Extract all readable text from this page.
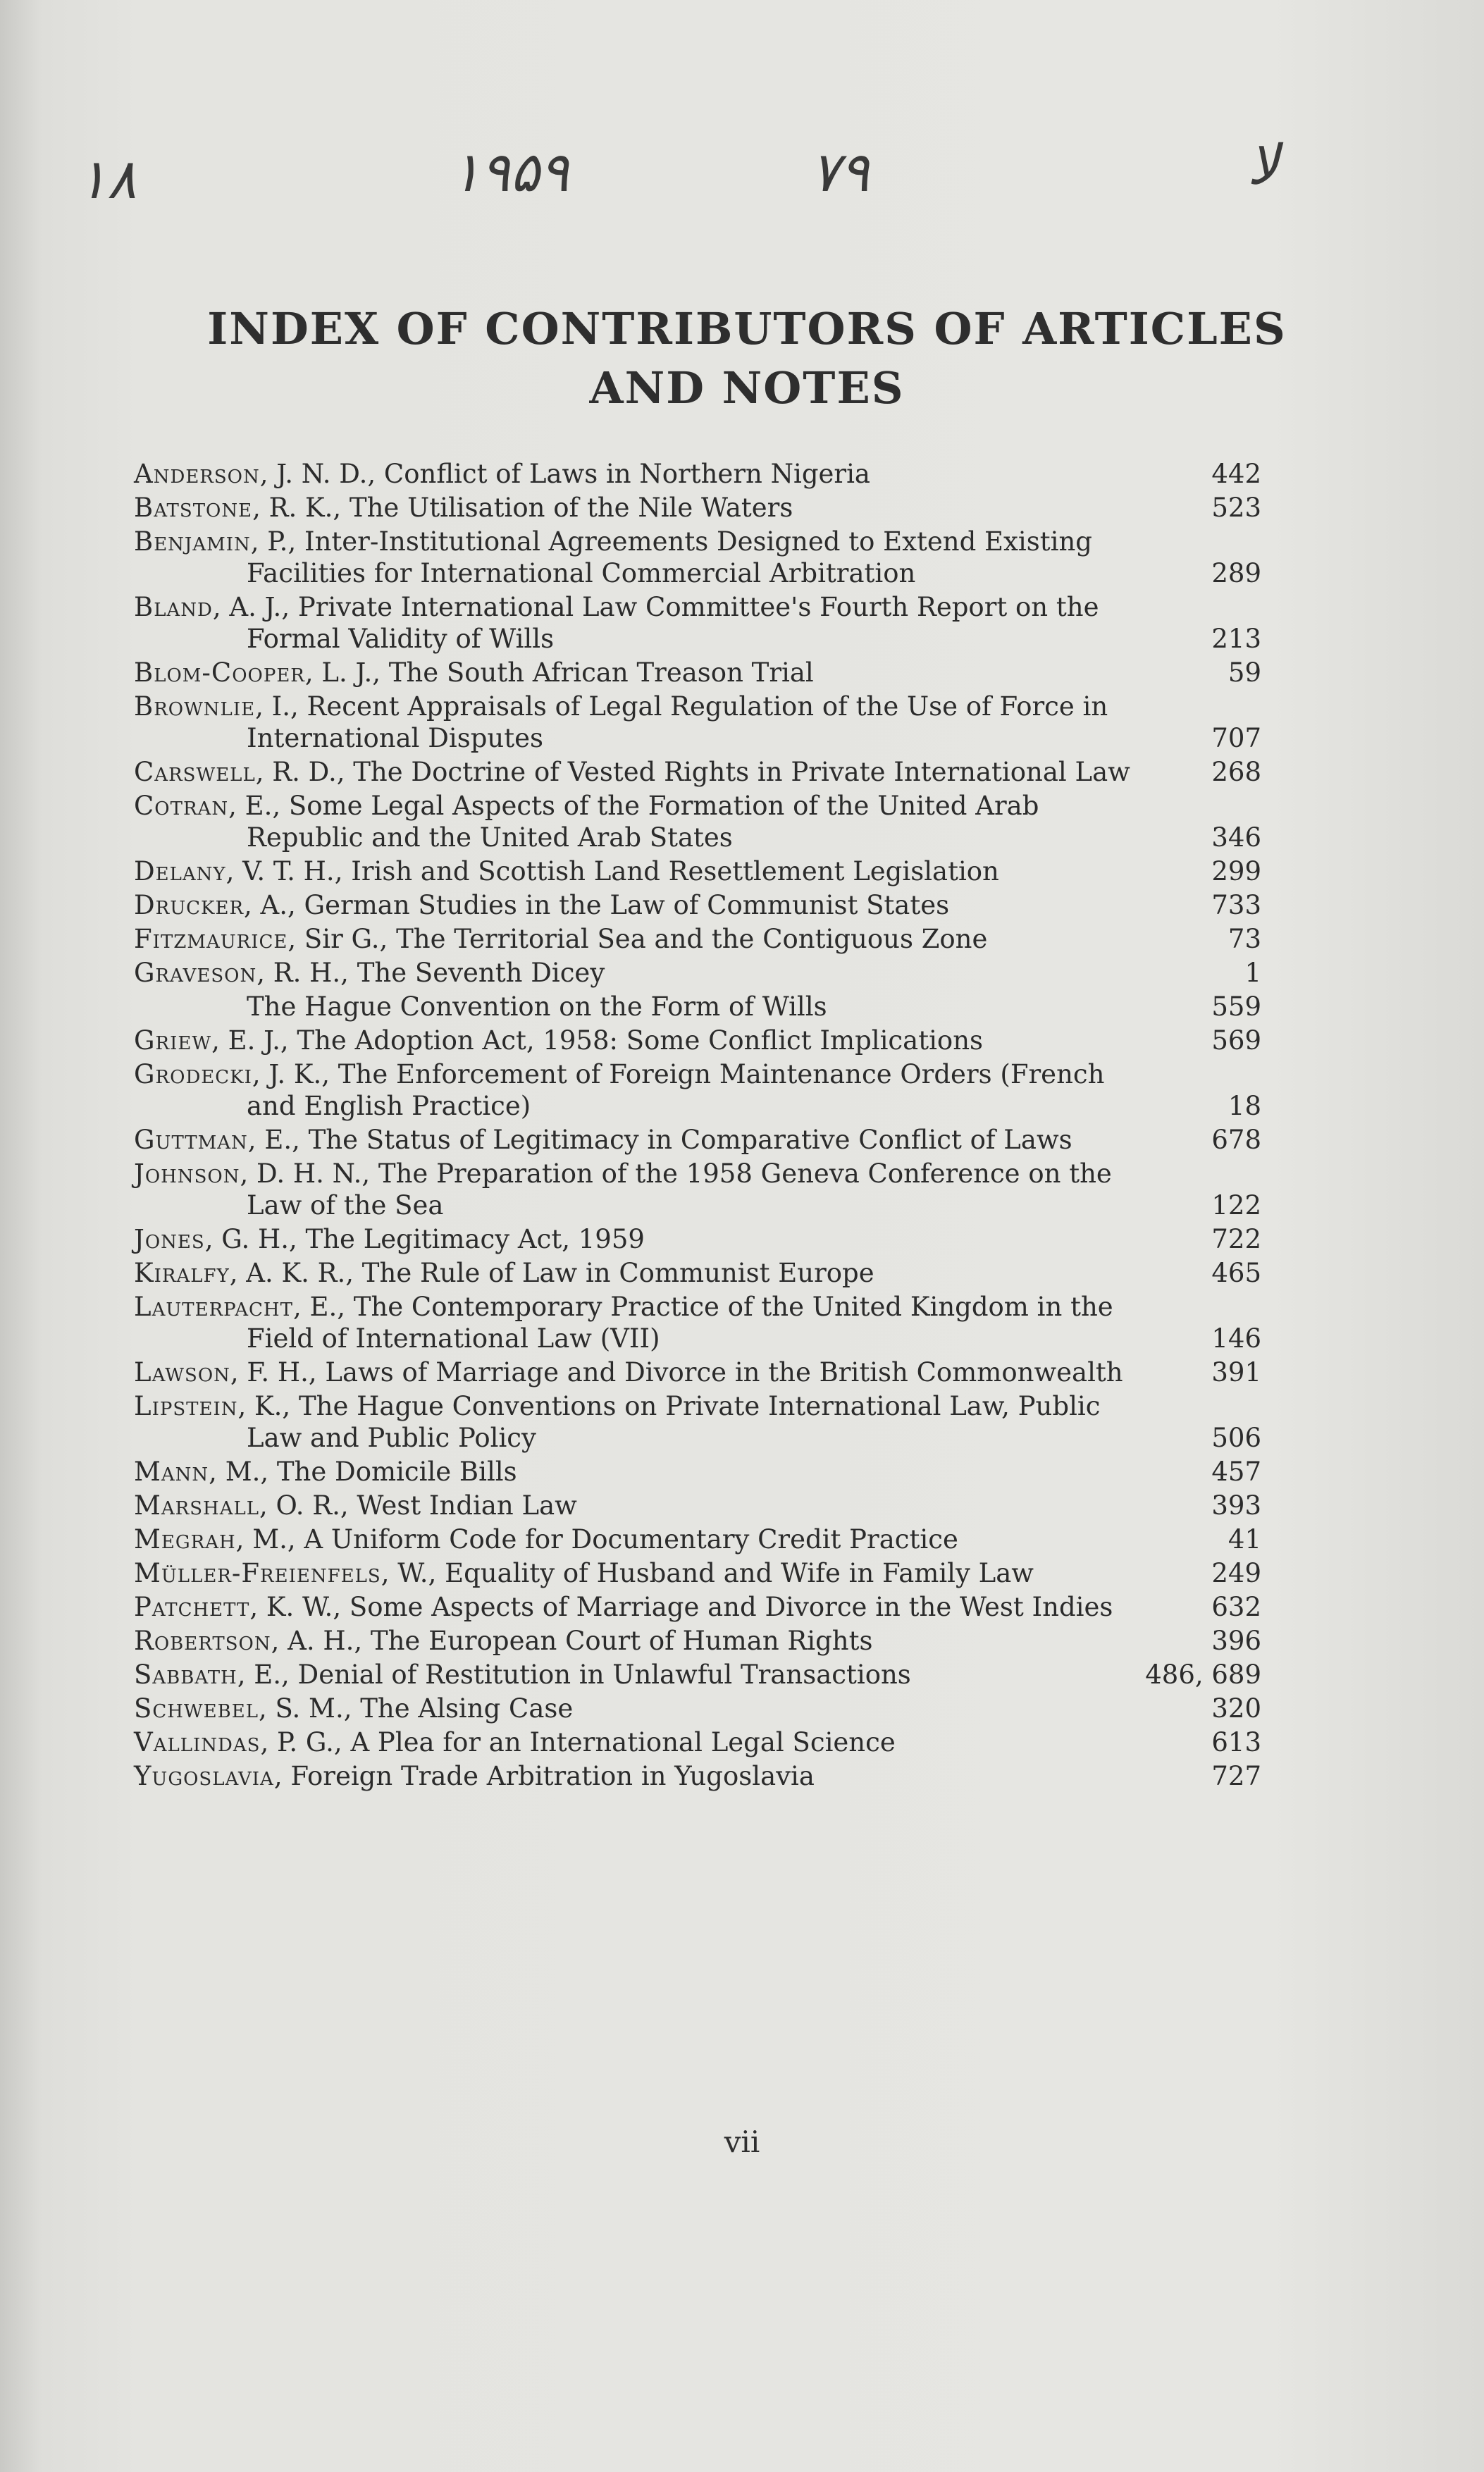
۱۸	۱۹۵۹	۷۹	لا
INDEX OF CONTRIBUTORS OF ARTICLES
AND NOTES
Anderson, J. N. D., Conflict of Laws in Northern Nigeria	442
Batstone, R. K., The Utilisation of the Nile Waters	523
Benjamin, P., Inter-Institutional Agreements Designed to Extend Existing Facilities for International Commercial Arbitration	289
Bland, A. J., Private International Law Committee's Fourth Report on the Formal Validity of Wills	213
Blom-Cooper, L. J., The South African Treason Trial	59
Brownlie, I., Recent Appraisals of Legal Regulation of the Use of Force in International Disputes	707
Carswell, R. D., The Doctrine of Vested Rights in Private International Law	268
Cotran, E., Some Legal Aspects of the Formation of the United Arab Republic and the United Arab States	346
Delany, V. T. H., Irish and Scottish Land Resettlement Legislation	299
Drucker, A., German Studies in the Law of Communist States	733
Fitzmaurice, Sir G., The Territorial Sea and the Contiguous Zone	73
Graveson, R. H., The Seventh Dicey	1
The Hague Convention on the Form of Wills	559
Griew, E. J., The Adoption Act, 1958: Some Conflict Implications	569
Grodecki, J. K., The Enforcement of Foreign Maintenance Orders (French and English Practice)	18
Guttman, E., The Status of Legitimacy in Comparative Conflict of Laws	678
Johnson, D. H. N., The Preparation of the 1958 Geneva Conference on the Law of the Sea	122
Jones, G. H., The Legitimacy Act, 1959	722
Kiralfy, A. K. R., The Rule of Law in Communist Europe	465
Lauterpacht, E., The Contemporary Practice of the United Kingdom in the Field of International Law (VII)	146
Lawson, F. H., Laws of Marriage and Divorce in the British Commonwealth	391
Lipstein, K., The Hague Conventions on Private International Law, Public Law and Public Policy	506
Mann, M., The Domicile Bills	457
Marshall, O. R., West Indian Law	393
Megrah, M., A Uniform Code for Documentary Credit Practice	41
Müller-Freienfels, W., Equality of Husband and Wife in Family Law	249
Patchett, K. W., Some Aspects of Marriage and Divorce in the West Indies	632
Robertson, A. H., The European Court of Human Rights	396
Sabbath, E., Denial of Restitution in Unlawful Transactions	486, 689
Schwebel, S. M., The Alsing Case	320
Vallindas, P. G., A Plea for an International Legal Science	613
Yugoslavia, Foreign Trade Arbitration in Yugoslavia	727
vii
